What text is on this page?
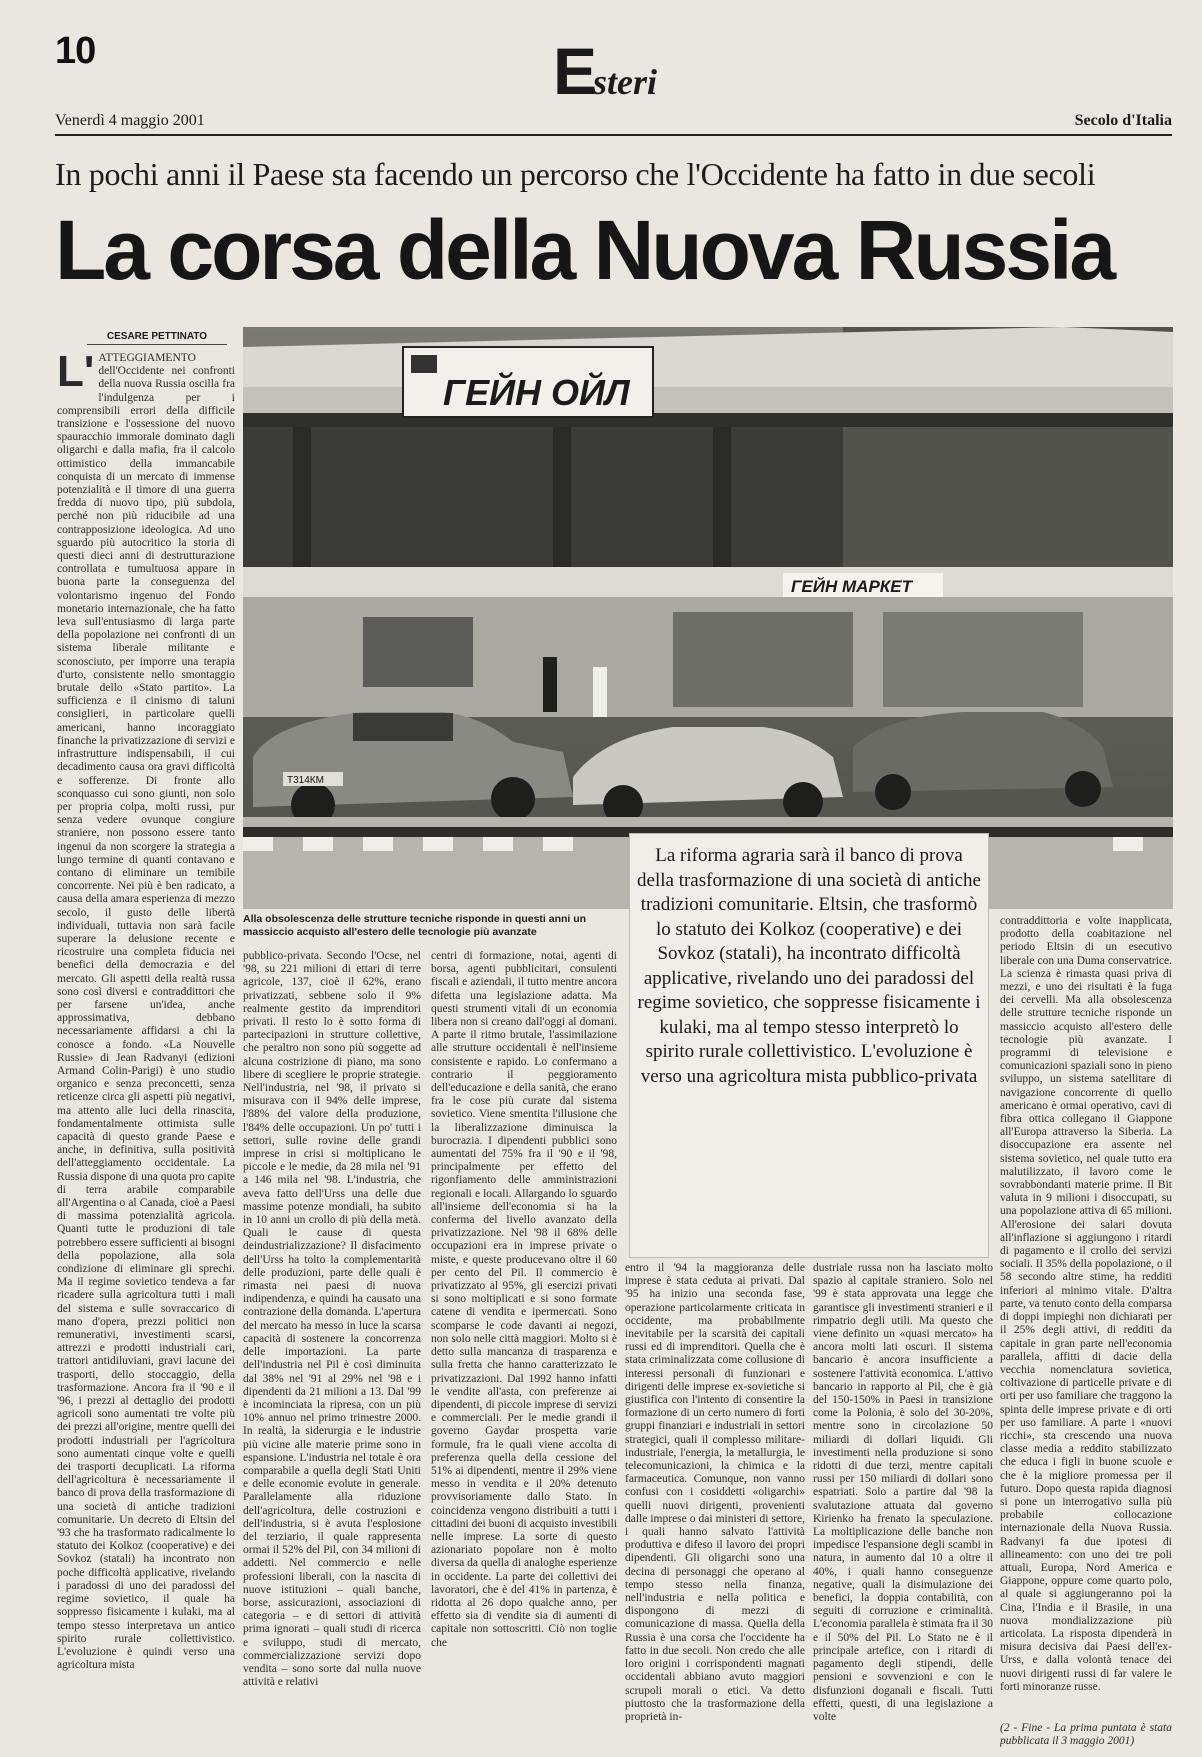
10	E
steri
Venerdì 4 maggio 2001	Secolo d'Italia
In pochi anni il Paese sta facendo un percorso che l'Occidente ha fatto in due secoli
La corsa della Nuova Russia
CESARE PETTINATO
L' ATTEGGIAMENTO dell'Occidente nei confronti della nuova Russia oscilla fra l'indulgenza per i comprensibili errori della difficile transizione e l'ossessione del nuovo spauracchio immorale dominato dagli oligarchi e dalla mafia, fra il calcolo ottimistico della immancabile conquista di un mercato di immense potenzialità e il timore di una guerra fredda di nuovo tipo, più subdola, perché non più riducibile ad una contrapposizione ideologica. Ad uno sguardo più autocritico la storia di questi dieci anni di destrutturazione controllata e tumultuosa appare in buona parte la conseguenza del volontarismo ingenuo del Fondo monetario internazionale, che ha fatto leva sull'entusiasmo di larga parte della popolazione nei confronti di un sistema liberale militante e sconosciuto, per imporre una terapia d'urto, consistente nello smontaggio brutale dello «Stato partito». La sufficienza e il cinismo di taluni consiglieri, in particolare quelli americani, hanno incoraggiato finanche la privatizzazione di servizi e infrastrutture indispensabili, il cui decadimento causa ora gravi difficoltà e sofferenze. Di fronte allo sconquasso cui sono giunti, non solo per propria colpa, molti russi, pur senza vedere ovunque congiure straniere, non possono essere tanto ingenui da non scorgere la strategia a lungo termine di quanti contavano e contano di eliminare un temibile concorrente. Nei più è ben radicato, a causa della amara esperienza di mezzo secolo, il gusto delle libertà individuali, tuttavia non sarà facile superare la delusione recente e ricostruire una completa fiducia nei benefici della democrazia e del mercato. Gli aspetti della realtà russa sono così diversi e contraddittori che per farsene un'idea, anche approssimativa, debbano necessariamente affidarsi a chi la conosce a fondo. «La Nouvelle Russie» di Jean Radvanyi (edizioni Armand Colin-Parigi) è uno studio organico e senza preconcetti, senza reticenze circa gli aspetti più negativi, ma attento alle luci della rinascita, fondamentalmente ottimista sulle capacità di questo grande Paese e anche, in definitiva, sulla positività dell'atteggiamento occidentale. La Russia dispone di una quota pro capite di terra arabile comparabile all'Argentina o al Canada, cioè a Paesi di massima potenzialità agricola. Quanti tutte le produzioni di tale potrebbero essere sufficienti ai bisogni della popolazione, alla sola condizione di eliminare gli sprechi. Ma il regime sovietico tendeva a far ricadere sulla agricoltura tutti i mali del sistema e sulle sovraccarico di mano d'opera, prezzi politici non remunerativi, investimenti scarsi, attrezzi e prodotti industriali cari, trattori antidiluviani, gravi lacune dei trasporti, dello stoccaggio, della trasformazione. Ancora fra il '90 e il '96, i prezzi al dettaglio dei prodotti agricoli sono aumentati tre volte più dei prezzi all'origine, mentre quelli dei prodotti industriali per l'agricoltura sono aumentati cinque volte e quelli dei trasporti decuplicati. La riforma dell'agricoltura è necessariamente il banco di prova della trasformazione di una società di antiche tradizioni comunitarie. Un decreto di Eltsin del '93 che ha trasformato radicalmente lo statuto dei Kolkoz (cooperative) e dei Sovkoz (statali) ha incontrato non poche difficoltà applicative, rivelando i paradossi di uno dei paradossi del regime sovietico, il quale ha soppresso fisicamente i kulaki, ma al tempo stesso interpretava un antico spirito rurale collettivistico. L'evoluzione è quindi verso una agricoltura mista
ГЕЙН ОЙЛ
ГЕЙН МАРКЕТ
Т314КМ
Alla obsolescenza delle strutture tecniche risponde in questi anni un massiccio acquisto all'estero delle tecnologie più avanzate
pubblico-privata. Secondo l'Ocse, nel '98, su 221 milioni di ettari di terre agricole, 137, cioè il 62%, erano privatizzati, sebbene solo il 9% realmente gestito da imprenditori privati. Il resto lo è sotto forma di partecipazioni in strutture collettive, che peraltro non sono più soggette ad alcuna costrizione di piano, ma sono libere di scegliere le proprie strategie. Nell'industria, nel '98, il privato si misurava con il 94% delle imprese, l'88% del valore della produzione, l'84% delle occupazioni. Un po' tutti i settori, sulle rovine delle grandi imprese in crisi si moltiplicano le piccole e le medie, da 28 mila nel '91 a 146 mila nel '98. L'industria, che aveva fatto dell'Urss una delle due massime potenze mondiali, ha subito in 10 anni un crollo di più della metà. Quali le cause di questa deindustrializzazione? Il disfacimento dell'Urss ha tolto la complementarità delle produzioni, parte delle quali è rimasta nei paesi di nuova indipendenza, e quindi ha causato una contrazione della domanda. L'apertura del mercato ha messo in luce la scarsa capacità di sostenere la concorrenza delle importazioni. La parte dell'industria nel Pil è così diminuita dal 38% nel '91 al 29% nel '98 e i dipendenti da 21 milioni a 13. Dal '99 è incominciata la ripresa, con un più 10% annuo nel primo trimestre 2000. In realtà, la siderurgia e le industrie più vicine alle materie prime sono in espansione. L'industria nel totale è ora comparabile a quella degli Stati Uniti e delle economie evolute in generale. Parallelamente alla riduzione dell'agricoltura, delle costruzioni e dell'industria, si è avuta l'esplosione del terziario, il quale rappresenta ormai il 52% del Pil, con 34 milioni di addetti. Nel commercio e nelle professioni liberali, con la nascita di nuove istituzioni – quali banche, borse, assicurazioni, associazioni di categoria – e di settori di attività prima ignorati – quali studi di ricerca e sviluppo, studi di mercato, commercializzazione servizi dopo vendita – sono sorte dal nulla nuove attività e relativi
centri di formazione, notai, agenti di borsa, agenti pubblicitari, consulenti fiscali e aziendali, il tutto mentre ancora difetta una legislazione adatta. Ma questi strumenti vitali di un economia libera non si creano dall'oggi al domani. A parte il ritmo brutale, l'assimilazione alle strutture occidentali è nell'insieme consistente e rapido. Lo confermano a contrario il peggioramento dell'educazione e della sanità, che erano fra le cose più curate dal sistema sovietico. Viene smentita l'illusione che la liberalizzazione diminuisca la burocrazia. I dipendenti pubblici sono aumentati del 75% fra il '90 e il '98, principalmente per effetto del rigonfiamento delle amministrazioni regionali e locali. Allargando lo sguardo all'insieme dell'economia si ha la conferma del livello avanzato della privatizzazione. Nel '98 il 68% delle occupazioni era in imprese private o miste, e queste producevano oltre il 60 per cento del Pil. Il commercio è privatizzato al 95%, gli esercizi privati si sono moltiplicati e si sono formate catene di vendita e ipermercati. Sono scomparse le code davanti ai negozi, non solo nelle città maggiori. Molto si è detto sulla mancanza di trasparenza e sulla fretta che hanno caratterizzato le privatizzazioni. Dal 1992 hanno infatti le vendite all'asta, con preferenze ai dipendenti, di piccole imprese di servizi e commerciali. Per le medie grandi il governo Gaydar prospetta varie formule, fra le quali viene accolta di preferenza quella della cessione del 51% ai dipendenti, mentre il 29% viene messo in vendita e il 20% detenuto provvisoriamente dallo Stato. In coincidenza vengono distribuiti a tutti i cittadini dei buoni di acquisto investibili nelle imprese. La sorte di questo azionariato popolare non è molto diversa da quella di analoghe esperienze in occidente. La parte dei collettivi dei lavoratori, che è del 41% in partenza, è ridotta al 26 dopo qualche anno, per effetto sia di vendite sia di aumenti di capitale non sottoscritti. Ciò non toglie che
La riforma agraria sarà il banco di prova della trasformazione di una società di antiche tradizioni comunitarie. Eltsin, che trasformò lo statuto dei Kolkoz (cooperative) e dei Sovkoz (statali), ha incontrato difficoltà applicative, rivelando uno dei paradossi del regime sovietico, che soppresse fisicamente i kulaki, ma al tempo stesso interpretò lo spirito rurale collettivistico. L'evoluzione è verso una agricoltura mista pubblico-privata
entro il '94 la maggioranza delle imprese è stata ceduta ai privati. Dal '95 ha inizio una seconda fase, operazione particolarmente criticata in occidente, ma probabilmente inevitabile per la scarsità dei capitali russi ed di imprenditori. Quella che è stata criminalizzata come collusione di interessi personali di funzionari e dirigenti delle imprese ex-sovietiche si giustifica con l'intento di consentire la formazione di un certo numero di forti gruppi finanziari e industriali in settori strategici, quali il complesso militare-industriale, l'energia, la metallurgia, le telecomunicazioni, la chimica e la farmaceutica. Comunque, non vanno confusi con i cosiddetti «oligarchi» quelli nuovi dirigenti, provenienti dalle imprese o dai ministeri di settore, i quali hanno salvato l'attività produttiva e difeso il lavoro dei propri dipendenti. Gli oligarchi sono una decina di personaggi che operano al tempo stesso nella finanza, nell'industria e nella politica e dispongono di mezzi di comunicazione di massa. Quella della Russia è una corsa che l'occidente ha fatto in due secoli. Non credo che alle loro origini i corrispondenti magnati occidentali abbiano avuto maggiori scrupoli morali o etici. Va detto piuttosto che la trasformazione della proprietà in-
dustriale russa non ha lasciato molto spazio al capitale straniero. Solo nel '99 è stata approvata una legge che garantisce gli investimenti stranieri e il rimpatrio degli utili. Ma questo che viene definito un «quasi mercato» ha ancora molti lati oscuri. Il sistema bancario è ancora insufficiente a sostenere l'attività economica. L'attivo bancario in rapporto al Pil, che è già del 150-150% in Paesi in transizione come la Polonia, è solo del 30-20%, mentre sono in circolazione 50 miliardi di dollari liquidi. Gli investimenti nella produzione si sono ridotti di due terzi, mentre capitali russi per 150 miliardi di dollari sono espatriati. Solo a partire dal '98 la svalutazione attuata dal governo Kirienko ha frenato la speculazione. La moltiplicazione delle banche non impedisce l'espansione degli scambi in natura, in aumento dal 10 a oltre il 40%, i quali hanno conseguenze negative, quali la disimulazione dei benefici, la doppia contabilità, con seguiti di corruzione e criminalità. L'economia parallela è stimata fra il 30 e il 50% del Pil. Lo Stato ne è il principale artefice, con i ritardi di pagamento degli stipendi, delle pensioni e sovvenzioni e con le disfunzioni doganali e fiscali. Tutti effetti, questi, di una legislazione a volte
contraddittoria e volte inapplicata, prodotto della coabitazione nel periodo Eltsin di un esecutivo liberale con una Duma conservatrice. La scienza è rimasta quasi priva di mezzi, e uno dei risultati è la fuga dei cervelli. Ma alla obsolescenza delle strutture tecniche risponde un massiccio acquisto all'estero delle tecnologie più avanzate. I programmi di televisione e comunicazioni spaziali sono in pieno sviluppo, un sistema satellitare di navigazione concorrente di quello americano è ormai operativo, cavi di fibra ottica collegano il Giappone all'Europa attraverso la Siberia. La disoccupazione era assente nel sistema sovietico, nel quale tutto era malutilizzato, il lavoro come le sovrabbondanti materie prime. Il Bit valuta in 9 milioni i disoccupati, su una popolazione attiva di 65 milioni. All'erosione dei salari dovuta all'inflazione si aggiungono i ritardi di pagamento e il crollo dei servizi sociali. Il 35% della popolazione, o il 58 secondo altre stime, ha redditi inferiori al minimo vitale. D'altra parte, va tenuto conto della comparsa di doppi impieghi non dichiarati per il 25% degli attivi, di redditi da capitale in gran parte nell'economia parallela, affitti di dacie della vecchia nomenclatura sovietica, coltivazione di particelle private e di orti per uso familiare che traggono la spinta delle imprese private e di orti per uso familiare. A parte i «nuovi ricchi», sta crescendo una nuova classe media a reddito stabilizzato che educa i figli in buone scuole e che è la migliore promessa per il futuro. Dopo questa rapida diagnosi si pone un interrogativo sulla più probabile collocazione internazionale della Nuova Russia. Radvanyi fa due ipotesi di allineamento: con uno dei tre poli attuali, Europa, Nord America e Giappone, oppure come quarto polo, al quale si aggiungeranno poi la Cina, l'India e il Brasile, in una nuova mondializzazione più articolata. La risposta dipenderà in misura decisiva dai Paesi dell'ex-Urss, e dalla volontà tenace dei nuovi dirigenti russi di far valere le forti minoranze russe.
(2 - Fine - La prima puntata è stata pubblicata il 3 maggio 2001)
